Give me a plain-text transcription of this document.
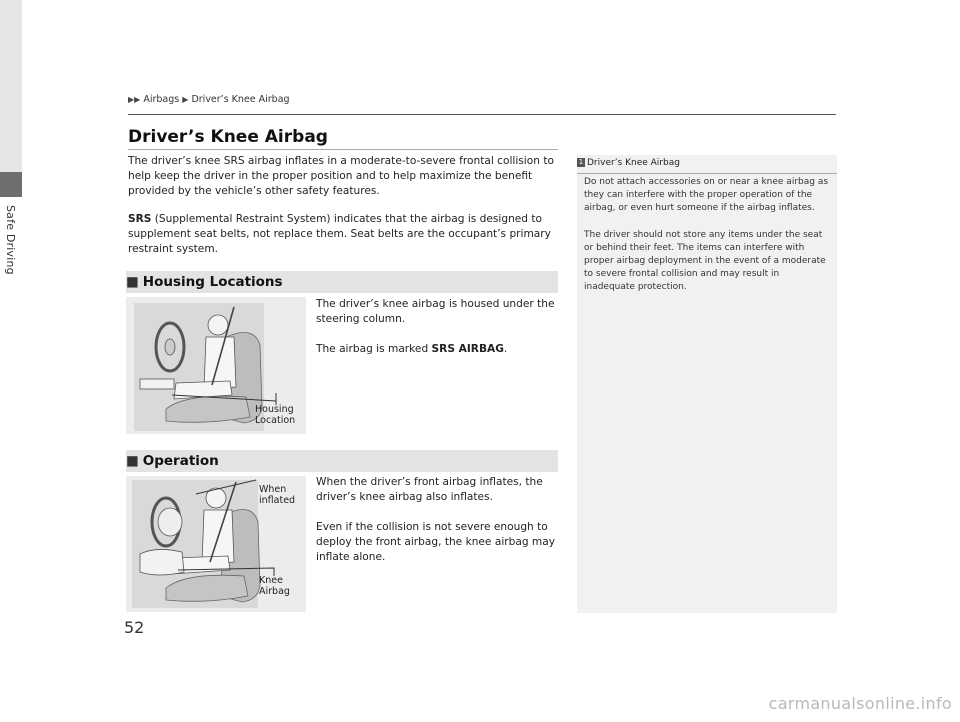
Safe Driving
▶▶ Airbags ▶ Driver’s Knee Airbag
Driver’s Knee Airbag

The driver’s knee SRS airbag inflates in a moderate-to-severe frontal collision to help keep the driver in the proper position and to help maximize the benefit provided by the vehicle’s other safety features.

SRS (Supplemental Restraint System) indicates that the airbag is designed to supplement seat belts, not replace them. Seat belts are the occupant’s primary restraint system.

■ Housing Locations
Housing
Location

The driver’s knee airbag is housed under the steering column.

The airbag is marked SRS AIRBAG.

■ Operation
When
inflated
Knee
Airbag

When the driver’s front airbag inflates, the driver’s knee airbag also inflates.

Even if the collision is not severe enough to deploy the front airbag, the knee airbag may inflate alone.

1 Driver’s Knee Airbag

Do not attach accessories on or near a knee airbag as they can interfere with the proper operation of the airbag, or even hurt someone if the airbag inflates.

The driver should not store any items under the seat or behind their feet. The items can interfere with proper airbag deployment in the event of a moderate to severe frontal collision and may result in inadequate protection.

52
carmanualsonline.info
